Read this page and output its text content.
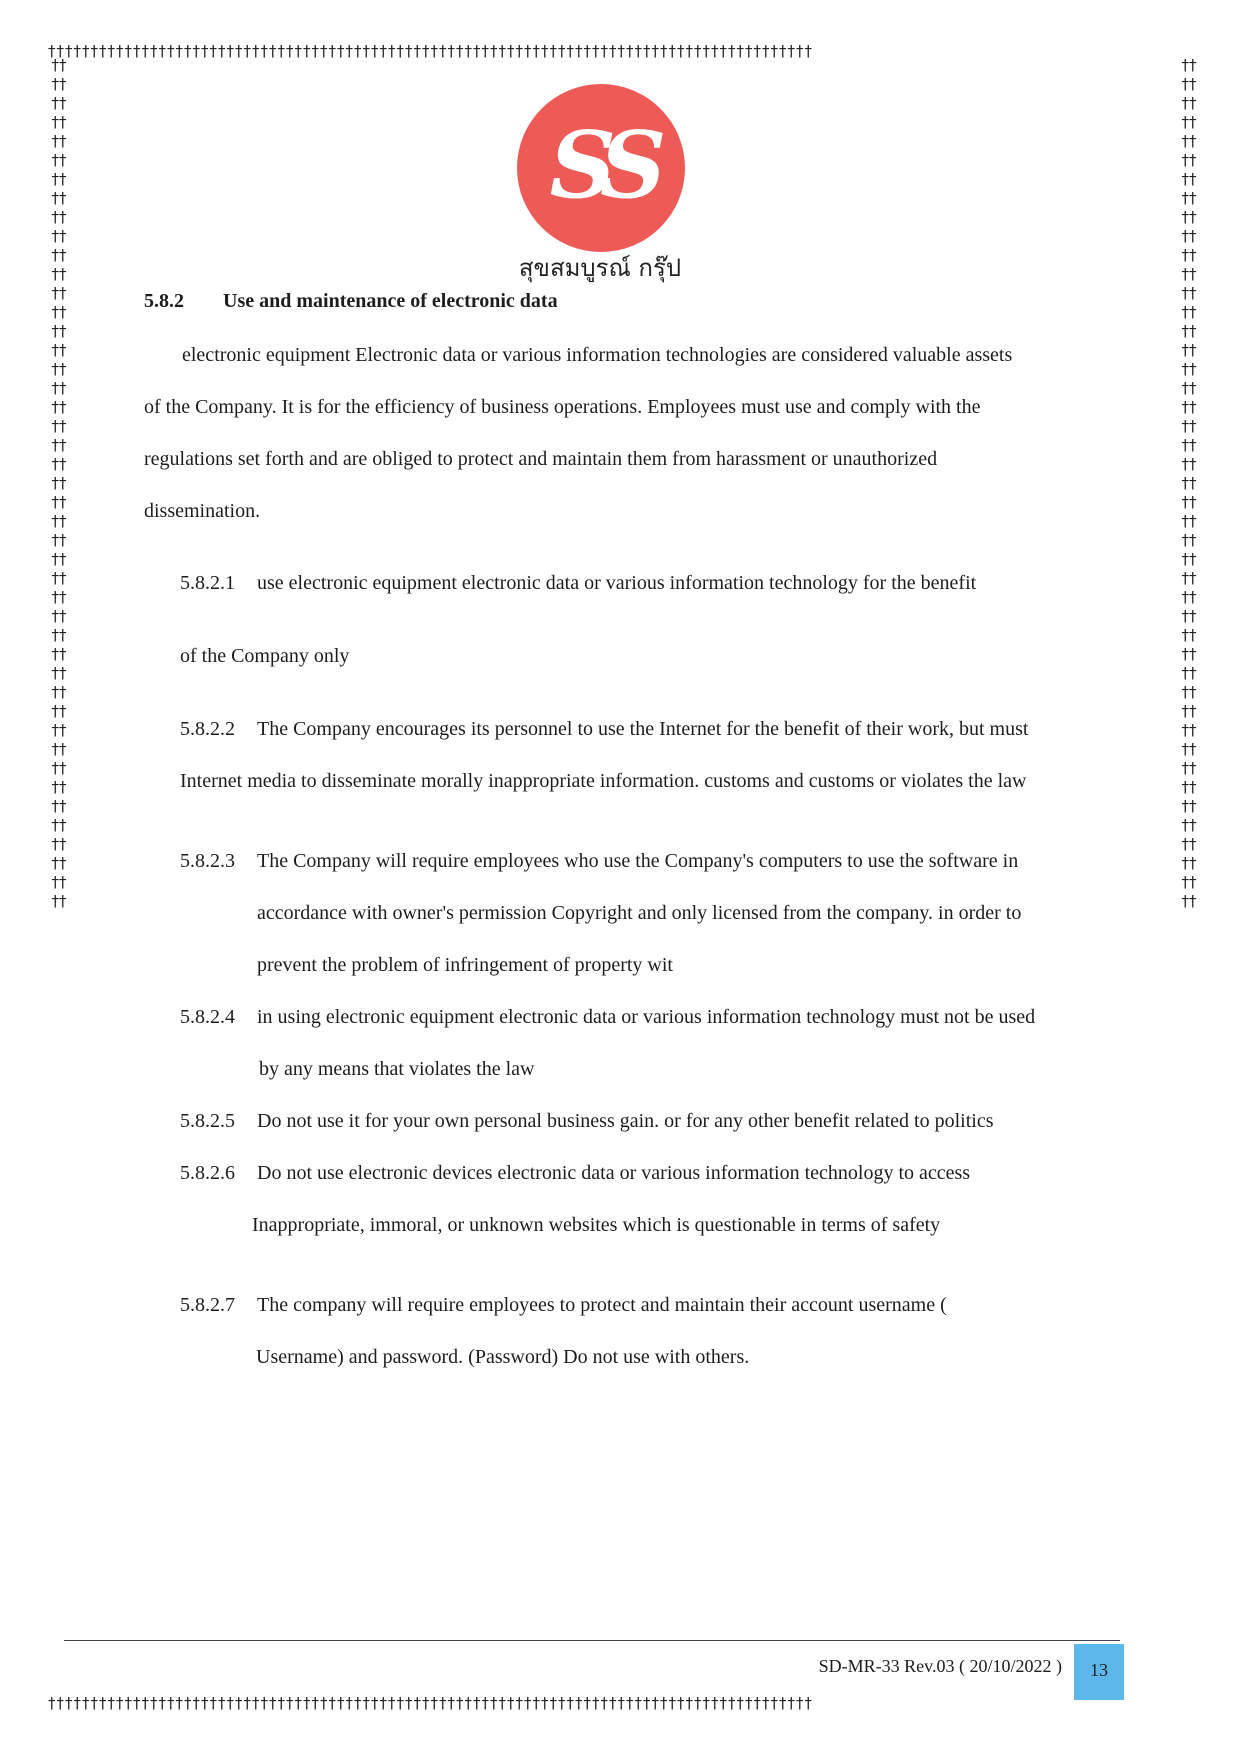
††††††††††††††††††††††††††††††††††††††††††††††††††††††††††††††††††††††††††††††††††††††††††
††††††††††††††††††††††††††††††††††††††††††††††††††††††††††††††††††††††††††††††††††††††††††
††††††††††††††††††††††††††††††††††††††††††††††††††††††††††††††††††††††††††††††††††††††††††
††††††††††††††††††††††††††††††††††††††††††††††††††††††††††††††††††††††††††††††††††††††††††
SS
สุขสมบูรณ์ กรุ๊ป
5.8.2 Use and maintenance of electronic data
electronic equipment Electronic data or various information technologies are considered valuable assets
of the Company. It is for the efficiency of business operations. Employees must use and comply with the
regulations set forth and are obliged to protect and maintain them from harassment or unauthorized
dissemination.
5.8.2.1 use electronic equipment electronic data or various information technology for the benefit
of the Company only
5.8.2.2 The Company encourages its personnel to use the Internet for the benefit of their work, but must
Internet media to disseminate morally inappropriate information. customs and customs or violates the law
5.8.2.3 The Company will require employees who use the Company's computers to use the software in
accordance with owner's permission Copyright and only licensed from the company. in order to
prevent the problem of infringement of property wit
5.8.2.4 in using electronic equipment electronic data or various information technology must not be used
by any means that violates the law
5.8.2.5 Do not use it for your own personal business gain. or for any other benefit related to politics
5.8.2.6 Do not use electronic devices electronic data or various information technology to access
Inappropriate, immoral, or unknown websites which is questionable in terms of safety
5.8.2.7 The company will require employees to protect and maintain their account username (
Username) and password. (Password) Do not use with others.
SD-MR-33 Rev.03 ( 20/10/2022 )	13
